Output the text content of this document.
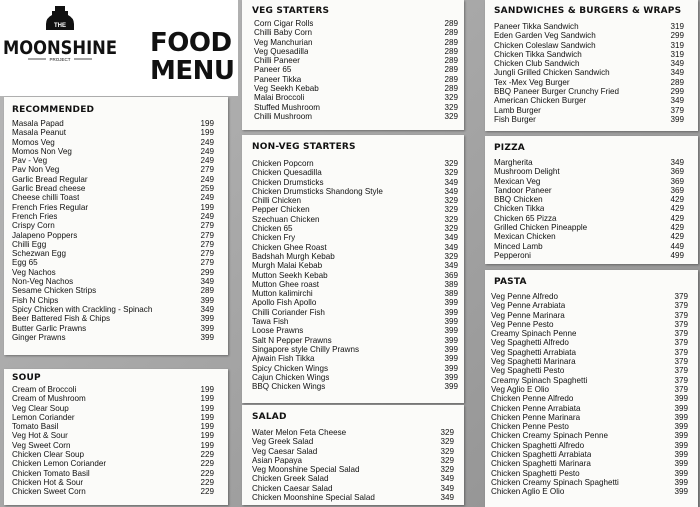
THE
MOONSHINE
PROJECT
FOOD
MENU
RECOMMENDED
Masala Papad	199
Masala Peanut	199
Momos Veg	249
Momos Non Veg	249
Pav - Veg	249
Pav Non Veg	279
Garlic Bread Regular	249
Garlic Bread cheese	259
Cheese chilli Toast	249
French Fries Regular	199
French Fries	249
Crispy Corn	279
Jalapeno Poppers	279
Chilli Egg	279
Schezwan Egg	279
Egg 65	279
Veg Nachos	299
Non-Veg Nachos	349
Sesame Chicken Strips	289
Fish N Chips	399
Spicy Chicken with Crackling - Spinach	349
Beer Battered Fish & Chips	399
Butter Garlic Prawns	399
Ginger Prawns	399
SOUP
Cream of Broccoli	199
Cream of Mushroom	199
Veg Clear Soup	199
Lemon Coriander	199
Tomato Basil	199
Veg Hot & Sour	199
Veg Sweet Corn	199
Chicken Clear Soup	229
Chicken Lemon Coriander	229
Chicken Tomato Basil	229
Chicken Hot & Sour	229
Chicken Sweet Corn	229
VEG STARTERS
Corn Cigar Rolls	289
Chilli Baby Corn	289
Veg Manchurian	289
Veg Quesadilla	289
Chilli Paneer	289
Paneer 65	289
Paneer Tikka	289
Veg Seekh Kebab	289
Malai Broccoli	329
Stuffed Mushroom	329
Chilli Mushroom	329
NON-VEG STARTERS
Chicken Popcorn	329
Chicken Quesadilla	329
Chicken Drumsticks	349
Chicken Drumsticks Shandong Style	349
Chilli Chicken	329
Pepper Chicken	329
Szechuan Chicken	329
Chicken 65	329
Chicken Fry	349
Chicken Ghee Roast	349
Badshah Murgh Kebab	329
Murgh Malai Kebab	349
Mutton Seekh Kebab	369
Mutton Ghee roast	389
Mutton kalimirchi	389
Apollo Fish Apollo	399
Chilli Coriander Fish	399
Tawa Fish	399
Loose Prawns	399
Salt N Pepper Prawns	399
Singapore style Chilly Prawns	399
Ajwain Fish Tikka	399
Spicy Chicken Wings	399
Cajun Chicken Wings	399
BBQ Chicken Wings	399
SALAD
Water Melon Feta Cheese	329
Veg Greek Salad	329
Veg Caesar Salad	329
Asian Papaya	329
Veg Moonshine Special Salad	329
Chicken Greek Salad	349
Chicken Caesar Salad	349
Chicken Moonshine Special Salad	349
SANDWICHES & BURGERS & WRAPS
Paneer Tikka Sandwich	319
Eden Garden Veg Sandwich	299
Chicken Coleslaw Sandwich	319
Chicken Tikka Sandwich	319
Chicken Club Sandwich	349
Jungli Grilled Chicken Sandwich	349
Tex -Mex Veg Burger	289
BBQ Paneer Burger Crunchy Fried	299
American Chicken Burger	349
Lamb Burger	379
Fish Burger	399
PIZZA
Margherita	349
Mushroom Delight	369
Mexican Veg	369
Tandoor Paneer	369
BBQ Chicken	429
Chicken Tikka	429
Chicken 65 Pizza	429
Grilled Chicken Pineapple	429
Mexican Chicken	429
Minced Lamb	449
Pepperoni	499
PASTA
Veg Penne Alfredo	379
Veg Penne Arrabiata	379
Veg Penne Marinara	379
Veg Penne Pesto	379
Creamy Spinach Penne	379
Veg Spaghetti Alfredo	379
Veg Spaghetti Arrabiata	379
Veg Spaghetti Marinara	379
Veg Spaghetti Pesto	379
Creamy Spinach Spaghetti	379
Veg Aglio E Olio	379
Chicken Penne Alfredo	399
Chicken Penne Arrabiata	399
Chicken Penne Marinara	399
Chicken Penne Pesto	399
Chicken Creamy Spinach Penne	399
Chicken Spaghetti Alfredo	399
Chicken Spaghetti Arrabiata	399
Chicken Spaghetti Marinara	399
Chicken Spaghetti Pesto	399
Chicken Creamy Spinach Spaghetti	399
Chicken Aglio E Olio	399
